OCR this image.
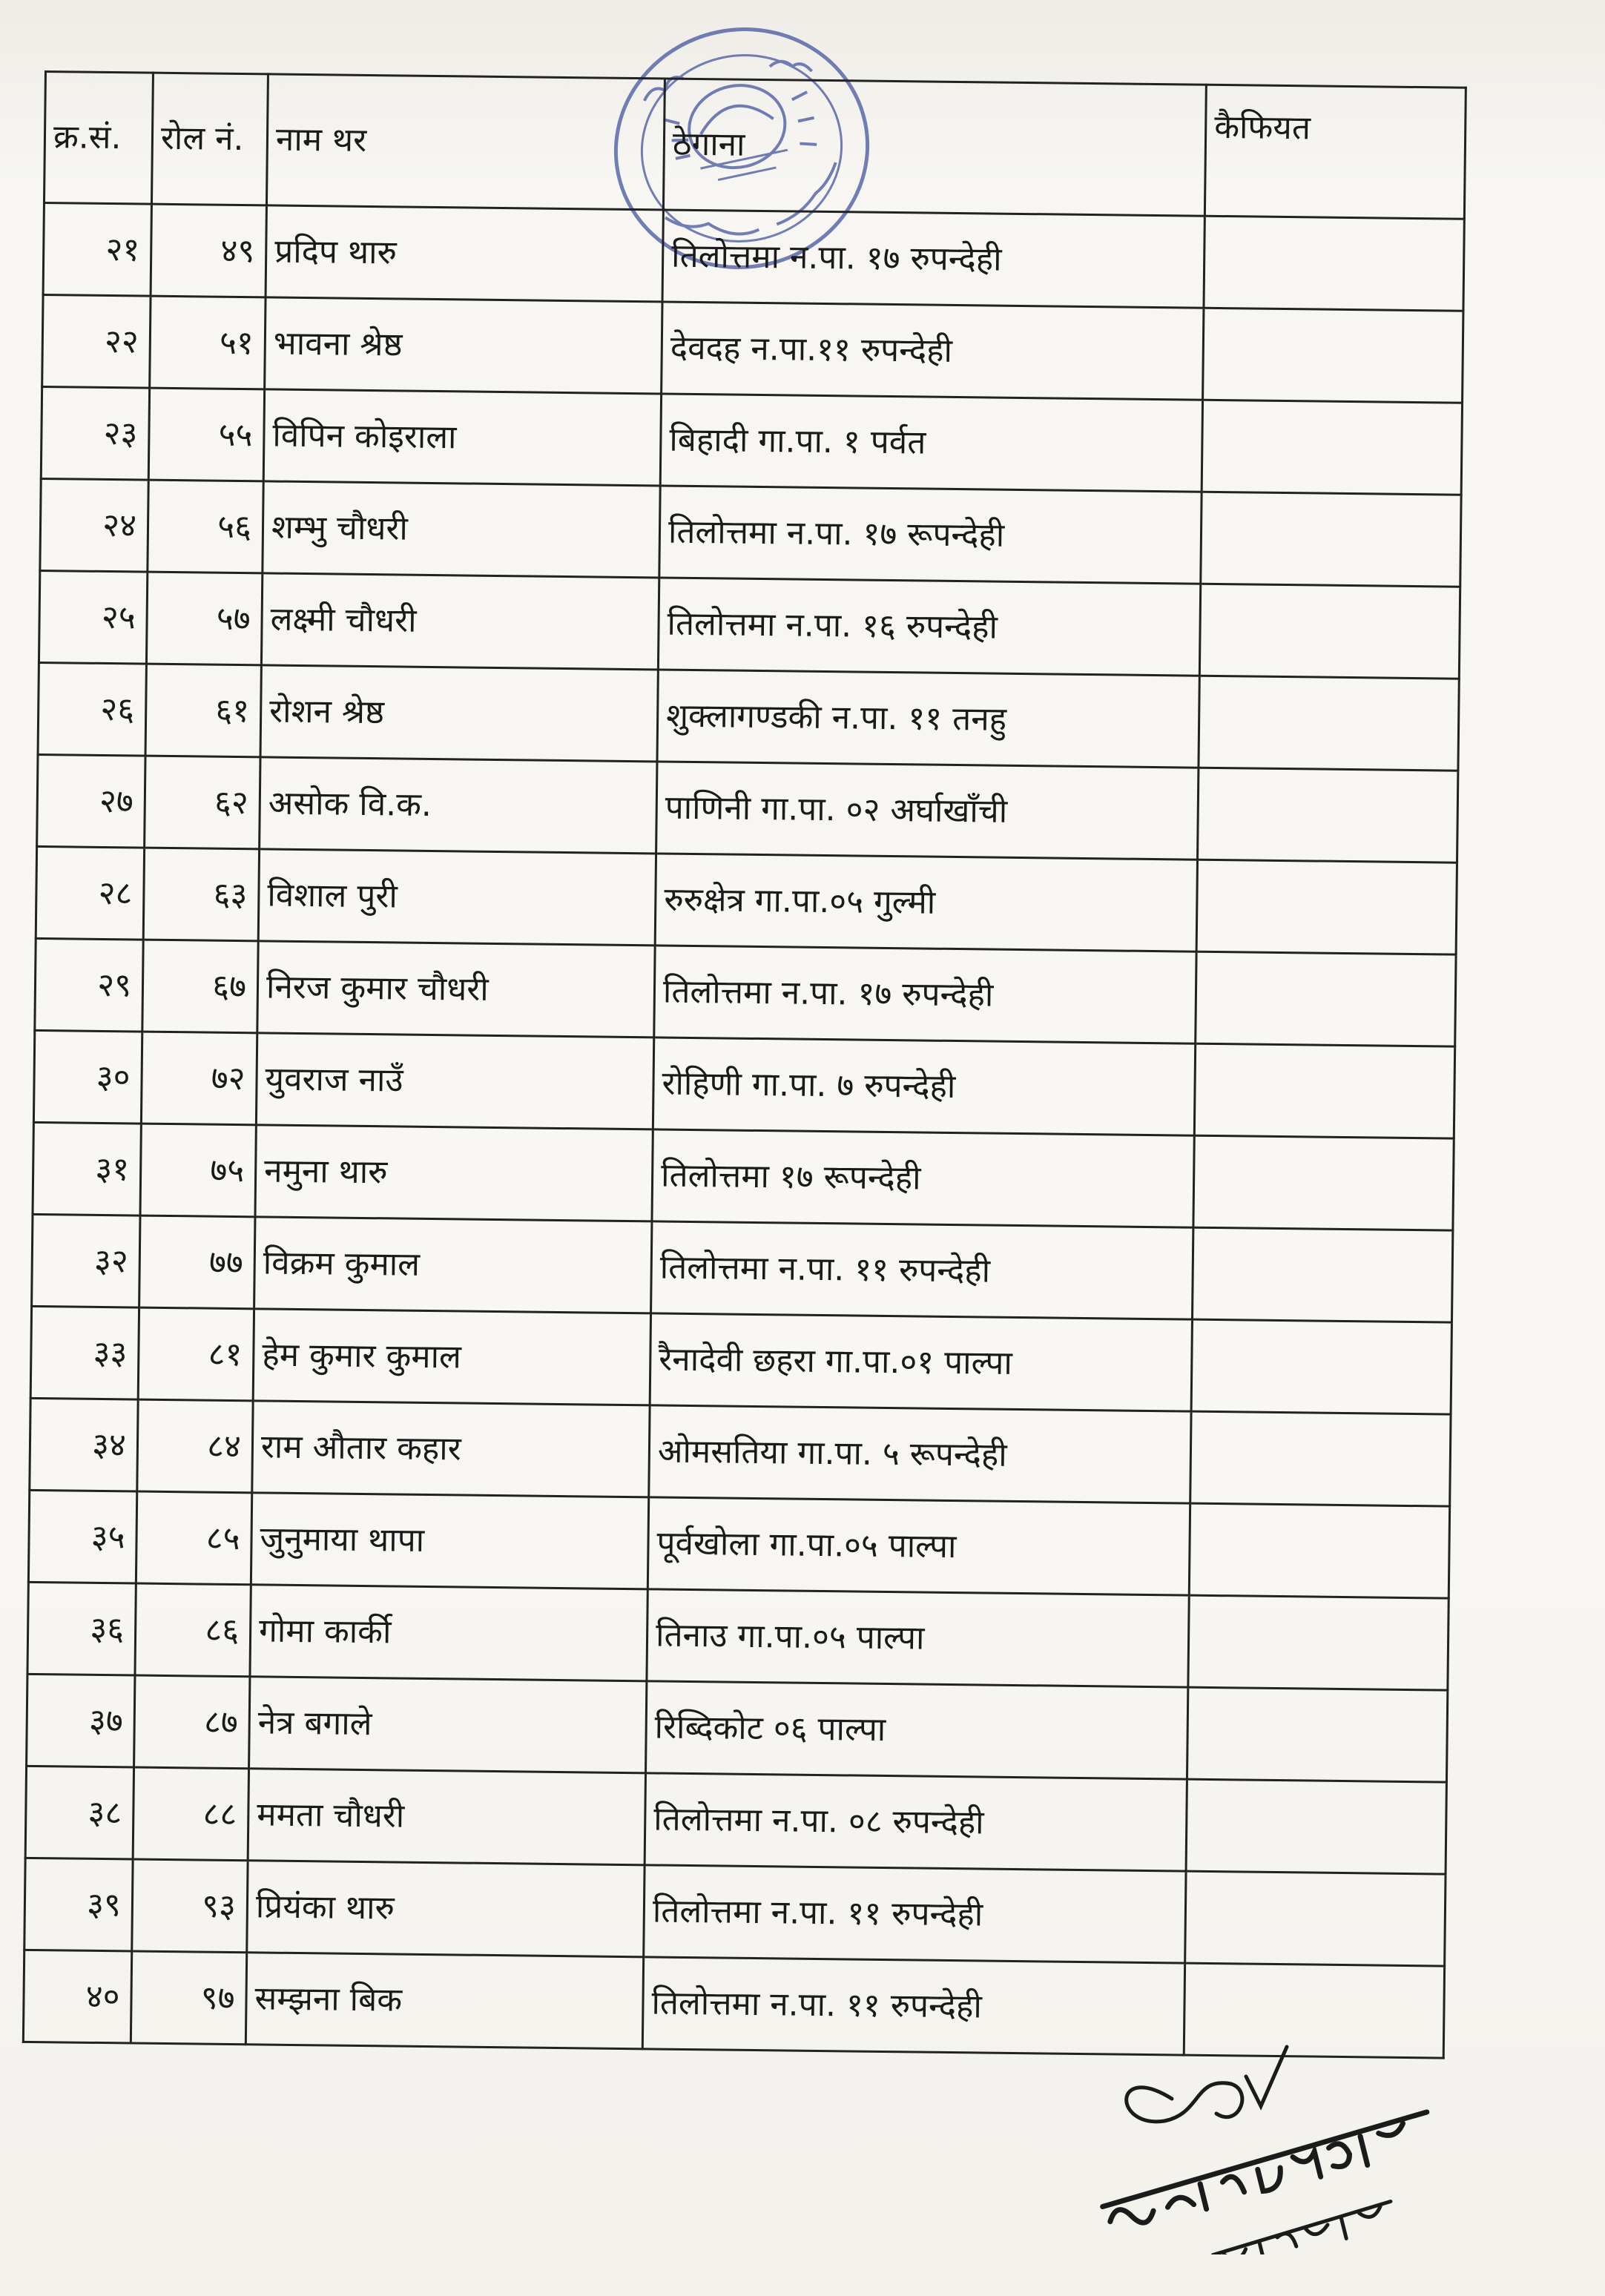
क्र.सं.	रोल नं.	नाम थर	ठेगाना	कैफियत
२१	४९	प्रदिप थारु	तिलोत्तमा न.पा. १७ रुपन्देही	
२२	५१	भावना श्रेष्ठ	देवदह न.पा.११ रुपन्देही	
२३	५५	विपिन कोइराला	बिहादी गा.पा. १ पर्वत	
२४	५६	शम्भु चौधरी	तिलोत्तमा न.पा. १७ रूपन्देही	
२५	५७	लक्ष्मी चौधरी	तिलोत्तमा न.पा. १६ रुपन्देही	
२६	६१	रोशन श्रेष्ठ	शुक्लागण्डकी न.पा. ११ तनहु	
२७	६२	असोक वि.क.	पाणिनी गा.पा. ०२ अर्घाखाँची	
२८	६३	विशाल पुरी	रुरुक्षेत्र गा.पा.०५ गुल्मी	
२९	६७	निरज कुमार चौधरी	तिलोत्तमा न.पा. १७ रुपन्देही	
३०	७२	युवराज नाउँ	रोहिणी गा.पा. ७ रुपन्देही	
३१	७५	नमुना थारु	तिलोत्तमा १७ रूपन्देही	
३२	७७	विक्रम कुमाल	तिलोत्तमा न.पा. ११ रुपन्देही	
३३	८१	हेम कुमार कुमाल	रैनादेवी छहरा गा.पा.०१ पाल्पा	
३४	८४	राम औतार कहार	ओमसतिया गा.पा. ५ रूपन्देही	
३५	८५	जुनुमाया थापा	पूर्वखोला गा.पा.०५ पाल्पा	
३६	८६	गोमा कार्की	तिनाउ गा.पा.०५ पाल्पा	
३७	८७	नेत्र बगाले	रिब्दिकोट ०६ पाल्पा	
३८	८८	ममता चौधरी	तिलोत्तमा न.पा. ०८ रुपन्देही	
३९	९३	प्रियंका थारु	तिलोत्तमा न.पा. ११ रुपन्देही	
४०	९७	सम्झना बिक	तिलोत्तमा न.पा. ११ रुपन्देही	
